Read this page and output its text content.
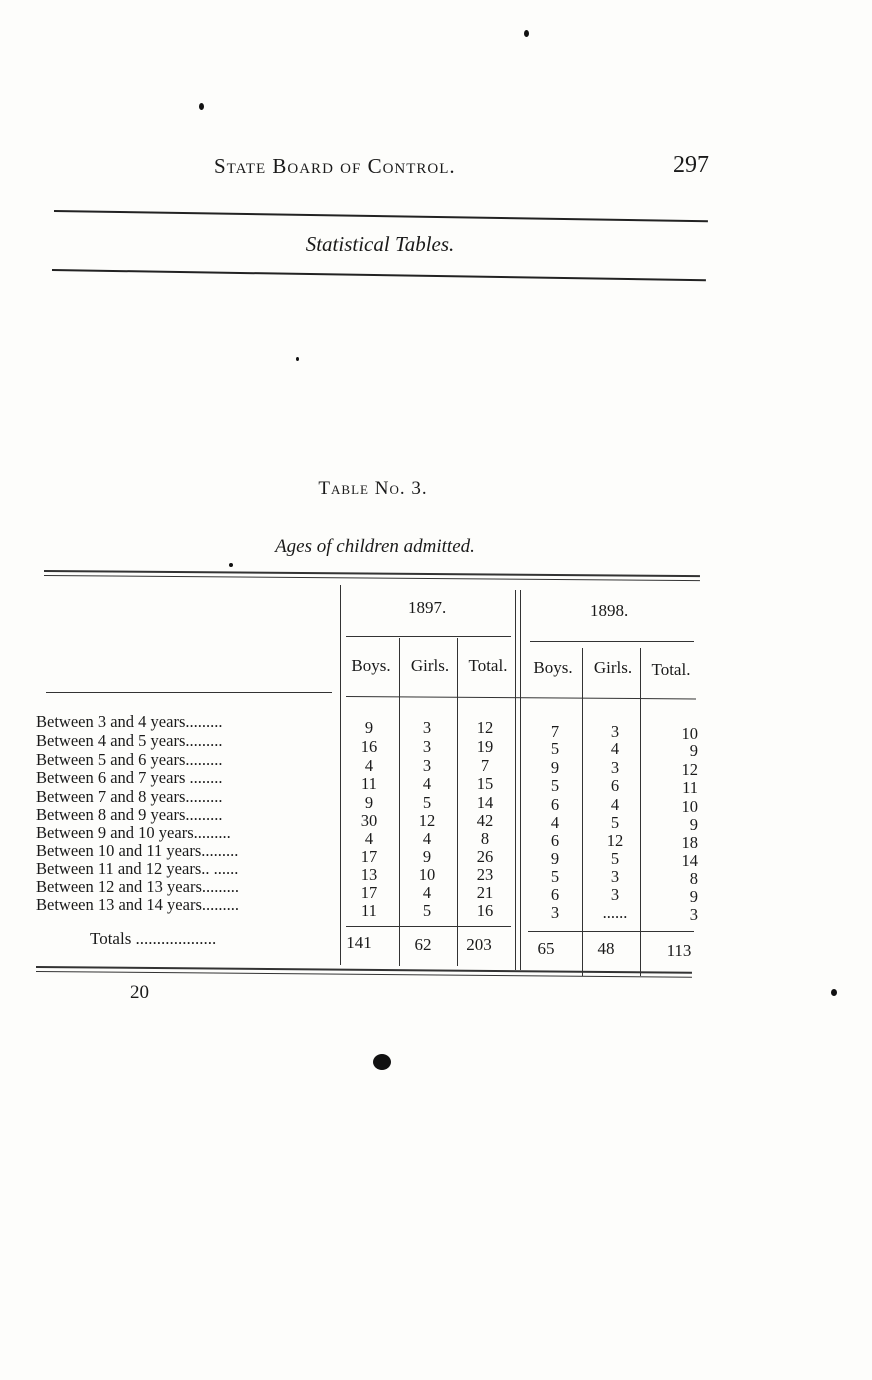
State Board of Control.	297
Statistical Tables.
Table No. 3.
Ages of children admitted.
1897.	1898.
Boys.	Girls.	Total.	Boys.	Girls.	Total.
Between 3 and 4 years.........	9	3	12	7	3	10
Between 4 and 5 years.........	16	3	19	5	4	9
Between 5 and 6 years.........	4	3	7	9	3	12
Between 6 and 7 years ........	11	4	15	5	6	11
Between 7 and 8 years.........	9	5	14	6	4	10
Between 8 and 9 years.........	30	12	42	4	5	9
Between 9 and 10 years.........	4	4	8	6	12	18
Between 10 and 11 years.........	17	9	26	9	5	14
Between 11 and 12 years.. ......	13	10	23	5	3	8
Between 12 and 13 years.........	17	4	21	6	3	9
Between 13 and 14 years.........	11	5	16	3	......	3
Totals ...................	141	62	203	65	48	113
20
